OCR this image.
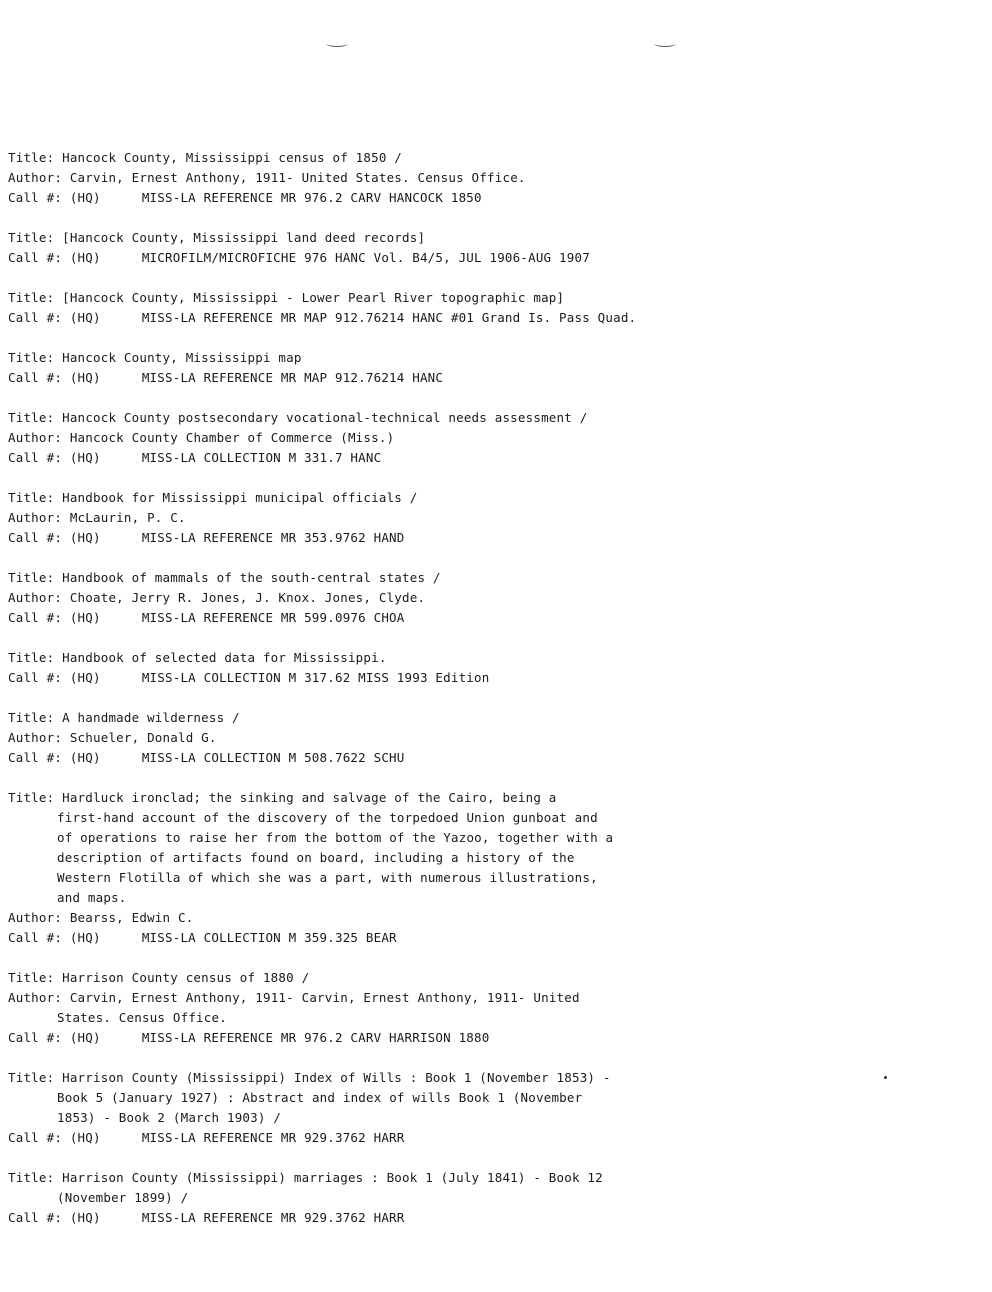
Title: Hancock County, Mississippi census of 1850 /
Author: Carvin, Ernest Anthony, 1911- United States. Census Office.
Call #: (HQ)	MISS-LA REFERENCE MR 976.2 CARV HANCOCK 1850
Title: [Hancock County, Mississippi land deed records]
Call #: (HQ)	MICROFILM/MICROFICHE 976 HANC Vol. B4/5, JUL 1906-AUG 1907
Title: [Hancock County, Mississippi - Lower Pearl River topographic map]
Call #: (HQ)	MISS-LA REFERENCE MR MAP 912.76214 HANC #01 Grand Is. Pass Quad.
Title: Hancock County, Mississippi map
Call #: (HQ)	MISS-LA REFERENCE MR MAP 912.76214 HANC
Title: Hancock County postsecondary vocational-technical needs assessment /
Author: Hancock County Chamber of Commerce (Miss.)
Call #: (HQ)	MISS-LA COLLECTION M 331.7 HANC
Title: Handbook for Mississippi municipal officials /
Author: McLaurin, P. C.
Call #: (HQ)	MISS-LA REFERENCE MR 353.9762 HAND
Title: Handbook of mammals of the south-central states /
Author: Choate, Jerry R. Jones, J. Knox. Jones, Clyde.
Call #: (HQ)	MISS-LA REFERENCE MR 599.0976 CHOA
Title: Handbook of selected data for Mississippi.
Call #: (HQ)	MISS-LA COLLECTION M 317.62 MISS 1993 Edition
Title: A handmade wilderness /
Author: Schueler, Donald G.
Call #: (HQ)	MISS-LA COLLECTION M 508.7622 SCHU
Title: Hardluck ironclad; the sinking and salvage of the Cairo, being a
first-hand account of the discovery of the torpedoed Union gunboat and
of operations to raise her from the bottom of the Yazoo, together with a
description of artifacts found on board, including a history of the
Western Flotilla of which she was a part, with numerous illustrations,
and maps.
Author: Bearss, Edwin C.
Call #: (HQ)	MISS-LA COLLECTION M 359.325 BEAR
Title: Harrison County census of 1880 /
Author: Carvin, Ernest Anthony, 1911- Carvin, Ernest Anthony, 1911- United
States. Census Office.
Call #: (HQ)	MISS-LA REFERENCE MR 976.2 CARV HARRISON 1880
Title: Harrison County (Mississippi) Index of Wills : Book 1 (November 1853) -
Book 5 (January 1927) : Abstract and index of wills Book 1 (November
1853) - Book 2 (March 1903) /
Call #: (HQ)	MISS-LA REFERENCE MR 929.3762 HARR
Title: Harrison County (Mississippi) marriages : Book 1 (July 1841) - Book 12
(November 1899) /
Call #: (HQ)	MISS-LA REFERENCE MR 929.3762 HARR
